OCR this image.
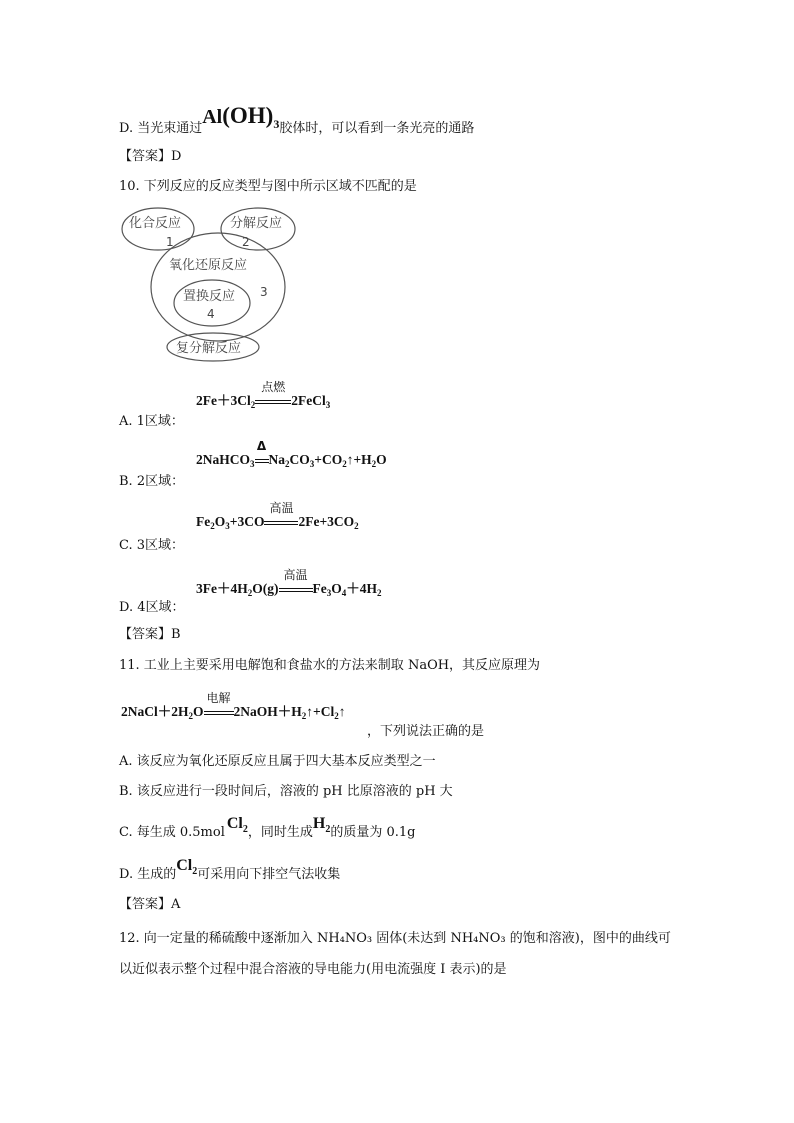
D. 当光束通过$Al(OH)_3$胶体时，可以看到一条光亮的通路
【答案】D
10. 下列反应的反应类型与图中所示区域不匹配的是
化合反应
1
分解反应
2
氧化还原反应
3
置换反应
4
复分解反应
$2Fe+3Cl_2$
点燃
2FeCl$_3$
A. 1区域：
2NaHCO$_3$
Δ
$Na_2CO_3+CO_2↑+H_2O$
B. 2区域：
$Fe_2O_3+3CO$
高温
$2Fe+3CO_2$
C. 3区域：
$3Fe+4H_2O(g)$
高温
$Fe_3O_4+4H_2$
D. 4区域：
【答案】B
11. 工业上主要采用电解饱和食盐水的方法来制取 NaOH，其反应原理为
$2NaCl+2H_2O$
电解
$2NaOH+H_2↑+Cl_2↑$
，下列说法正确的是
A. 该反应为氧化还原反应且属于四大基本反应类型之一
B. 该反应进行一段时间后，溶液的 pH 比原溶液的 pH 大
C. 每生成 0.5molCl$_2$，同时生成$H_2$的质量为 0.1g
D. 生成的$Cl_2$可采用向下排空气法收集
【答案】A
12. 向一定量的稀硫酸中逐渐加入 NH₄NO₃ 固体(未达到 NH₄NO₃ 的饱和溶液)，图中的曲线可
以近似表示整个过程中混合溶液的导电能力(用电流强度 I 表示)的是
